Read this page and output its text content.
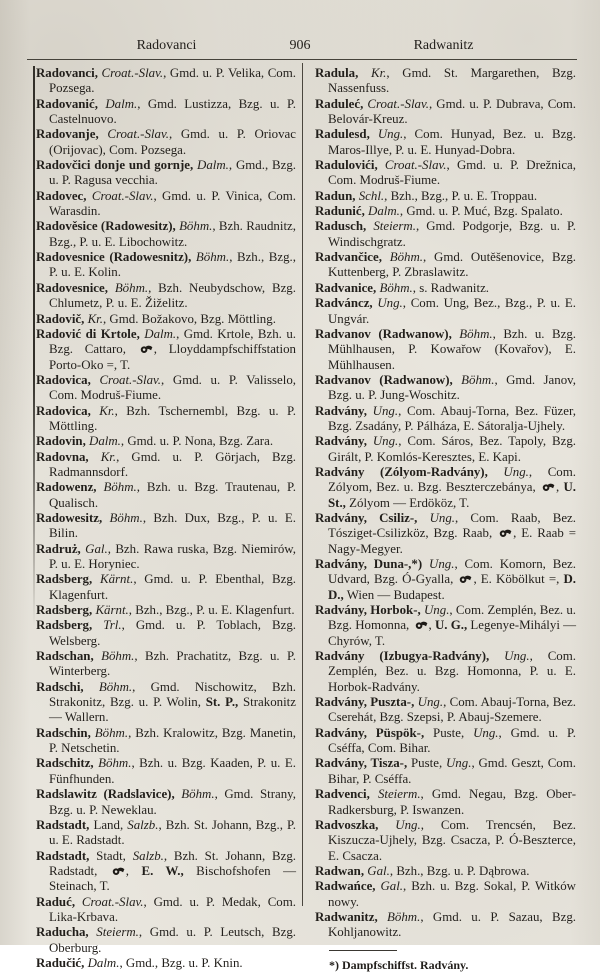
Radovanci	906	Radwanitz

Radovanci, Croat.-Slav., Gmd. u. P. Velika, Com. Pozsega.

Radovanić, Dalm., Gmd. Lustizza, Bzg. u. P. Castelnuovo.

Radovanje, Croat.-Slav., Gmd. u. P. Oriovac (Orijovac), Com. Pozsega.

Radovčici donje und gornje, Dalm., Gmd., Bzg. u. P. Ragusa vecchia.

Radovec, Croat.-Slav., Gmd. u. P. Vinica, Com. Warasdin.

Radověsice (Radowesitz), Böhm., Bzh. Raudnitz, Bzg., P. u. E. Libochowitz.

Radovesnice (Radowesnitz), Böhm., Bzh., Bzg., P. u. E. Kolin.

Radovesnice, Böhm., Bzh. Neubydschow, Bzg. Chlumetz, P. u. E. Žiželitz.

Radovič, Kr., Gmd. Božakovo, Bzg. Möttling.

Radović di Krtole, Dalm., Gmd. Krtole, Bzh. u. Bzg. Cattaro, , Lloyddampfschiffstation Porto-Oko =, T.

Radovica, Croat.-Slav., Gmd. u. P. Valisselo, Com. Modruš-Fiume.

Radovica, Kr., Bzh. Tschernembl, Bzg. u. P. Möttling.

Radovin, Dalm., Gmd. u. P. Nona, Bzg. Zara.

Radovna, Kr., Gmd. u. P. Görjach, Bzg. Radmannsdorf.

Radowenz, Böhm., Bzh. u. Bzg. Trautenau, P. Qualisch.

Radowesitz, Böhm., Bzh. Dux, Bzg., P. u. E. Bilin.

Radruż, Gal., Bzh. Rawa ruska, Bzg. Niemirów, P. u. E. Horyniec.

Radsberg, Kärnt., Gmd. u. P. Ebenthal, Bzg. Klagenfurt.

Radsberg, Kärnt., Bzh., Bzg., P. u. E. Klagenfurt.

Radsberg, Trl., Gmd. u. P. Toblach, Bzg. Welsberg.

Radschan, Böhm., Bzh. Prachatitz, Bzg. u. P. Winterberg.

Radschi, Böhm., Gmd. Nischowitz, Bzh. Strakonitz, Bzg. u. P. Wolin, St. P., Strakonitz — Wallern.

Radschin, Böhm., Bzh. Kralowitz, Bzg. Manetin, P. Netschetin.

Radschitz, Böhm., Bzh. u. Bzg. Kaaden, P. u. E. Fünfhunden.

Radslawitz (Radslavice), Böhm., Gmd. Strany, Bzg. u. P. Neweklau.

Radstadt, Land, Salzb., Bzh. St. Johann, Bzg., P. u. E. Radstadt.

Radstadt, Stadt, Salzb., Bzh. St. Johann, Bzg. Radstadt, , E. W., Bischofshofen — Steinach, T.

Raduć, Croat.-Slav., Gmd. u. P. Medak, Com. Lika-Krbava.

Raducha, Steierm., Gmd. u. P. Leutsch, Bzg. Oberburg.

Radučić, Dalm., Gmd., Bzg. u. P. Knin.

Radula, Kr., Gmd. St. Margarethen, Bzg. Nassenfuss.

Raduleć, Croat.-Slav., Gmd. u. P. Dubrava, Com. Belovár-Kreuz.

Radulesd, Ung., Com. Hunyad, Bez. u. Bzg. Maros-Illye, P. u. E. Hunyad-Dobra.

Radulovići, Croat.-Slav., Gmd. u. P. Drežnica, Com. Modruš-Fiume.

Radun, Schl., Bzh., Bzg., P. u. E. Troppau.

Radunić, Dalm., Gmd. u. P. Muć, Bzg. Spalato.

Radusch, Steierm., Gmd. Podgorje, Bzg. u. P. Windischgratz.

Radvančice, Böhm., Gmd. Outěšenovice, Bzg. Kuttenberg, P. Zbraslawitz.

Radvanice, Böhm., s. Radwanitz.

Radváncz, Ung., Com. Ung, Bez., Bzg., P. u. E. Ungvár.

Radvanov (Radwanow), Böhm., Bzh. u. Bzg. Mühlhausen, P. Kowařow (Kovařov), E. Mühlhausen.

Radvanov (Radwanow), Böhm., Gmd. Janov, Bzg. u. P. Jung-Woschitz.

Radvány, Ung., Com. Abauj-Torna, Bez. Füzer, Bzg. Zsadány, P. Pálháza, E. Sátoralja-Ujhely.

Radvány, Ung., Com. Sáros, Bez. Tapoly, Bzg. Girált, P. Komlós-Keresztes, E. Kapi.

Radvány (Zólyom-Radvány), Ung., Com. Zólyom, Bez. u. Bzg. Beszterczebánya, , U. St., Zólyom — Erdököz, T.

Radvány, Csiliz-, Ung., Com. Raab, Bez. Tósziget-Csilizköz, Bzg. Raab, , E. Raab = Nagy-Megyer.

Radvány, Duna-,*) Ung., Com. Komorn, Bez. Udvard, Bzg. Ó-Gyalla, , E. Köbölkut =, D. D., Wien — Budapest.

Radvány, Horbok-, Ung., Com. Zemplén, Bez. u. Bzg. Homonna, , U. G., Legenye-Mihályi — Chyrów, T.

Radvány (Izbugya-Radvány), Ung., Com. Zemplén, Bez. u. Bzg. Homonna, P. u. E. Horbok-Radvány.

Radvány, Puszta-, Ung., Com. Abauj-Torna, Bez. Cserehát, Bzg. Szepsi, P. Abauj-Szemere.

Radvány, Püspök-, Puste, Ung., Gmd. u. P. Cséffa, Com. Bihar.

Radvány, Tisza-, Puste, Ung., Gmd. Geszt, Com. Bihar, P. Cséffa.

Radvenci, Steierm., Gmd. Negau, Bzg. Ober-Radkersburg, P. Iswanzen.

Radvoszka, Ung., Com. Trencsén, Bez. Kiszucza-Ujhely, Bzg. Csacza, P. Ó-Beszterce, E. Csacza.

Radwan, Gal., Bzh., Bzg. u. P. Dąbrowa.

Radwańce, Gal., Bzh. u. Bzg. Sokal, P. Witków nowy.

Radwanitz, Böhm., Gmd. u. P. Sazau, Bzg. Kohljanowitz.

*) Dampfschiffst. Radvány.
